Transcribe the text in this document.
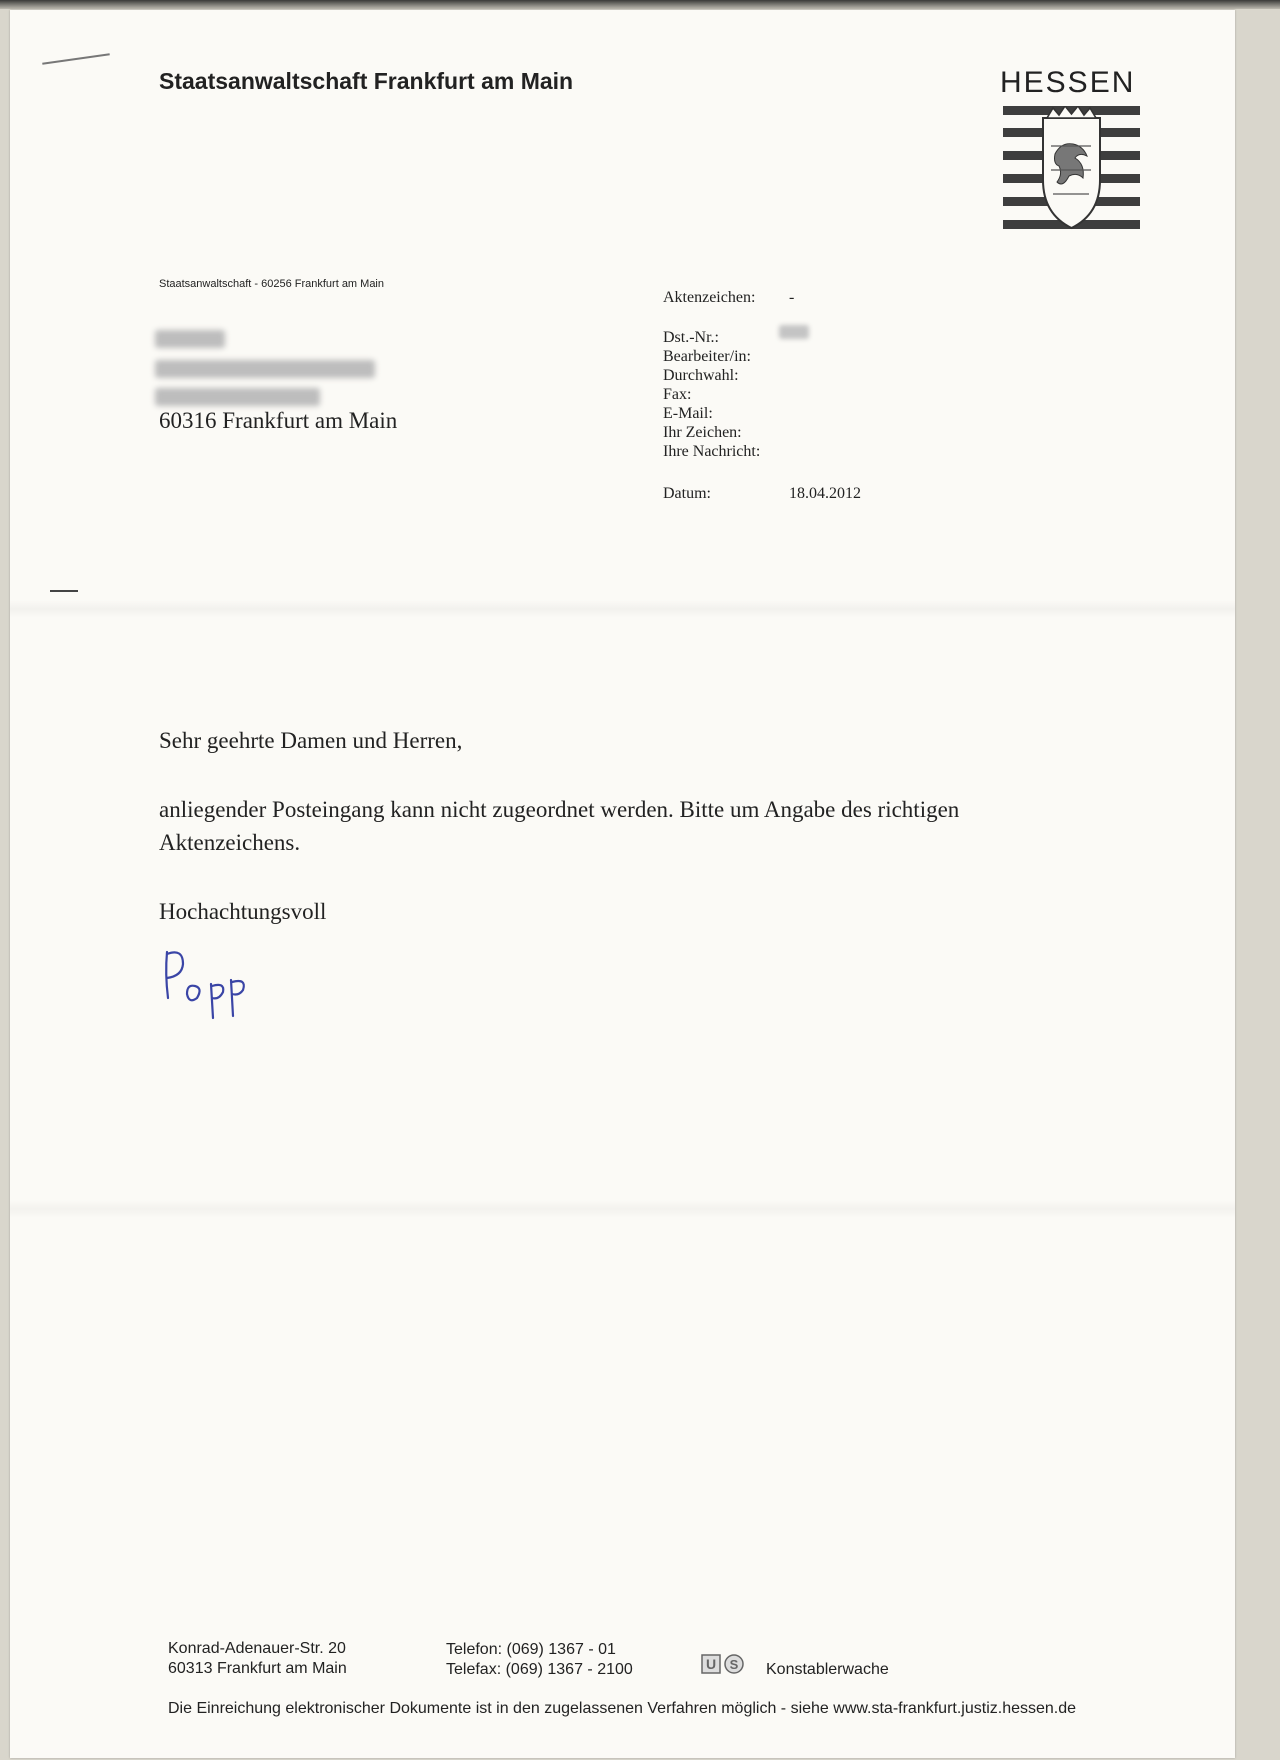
Staatsanwaltschaft Frankfurt am Main	HESSEN
Staatsanwaltschaft - 60256 Frankfurt am Main
60316 Frankfurt am Main
Aktenzeichen: -
Dst.-Nr.:
Bearbeiter/in:
Durchwahl:
Fax:
E-Mail:
Ihr Zeichen:
Ihre Nachricht:
Datum:	18.04.2012
Sehr geehrte Damen und Herren,
anliegender Posteingang kann nicht zugeordnet werden. Bitte um Angabe des richtigen
Aktenzeichens.
Hochachtungsvoll
Konrad-Adenauer-Str. 20
60313 Frankfurt am Main
Telefon: (069) 1367 - 01
Telefax: (069) 1367 - 2100	U S Konstablerwache
Die Einreichung elektronischer Dokumente ist in den zugelassenen Verfahren möglich - siehe www.sta-frankfurt.justiz.hessen.de
